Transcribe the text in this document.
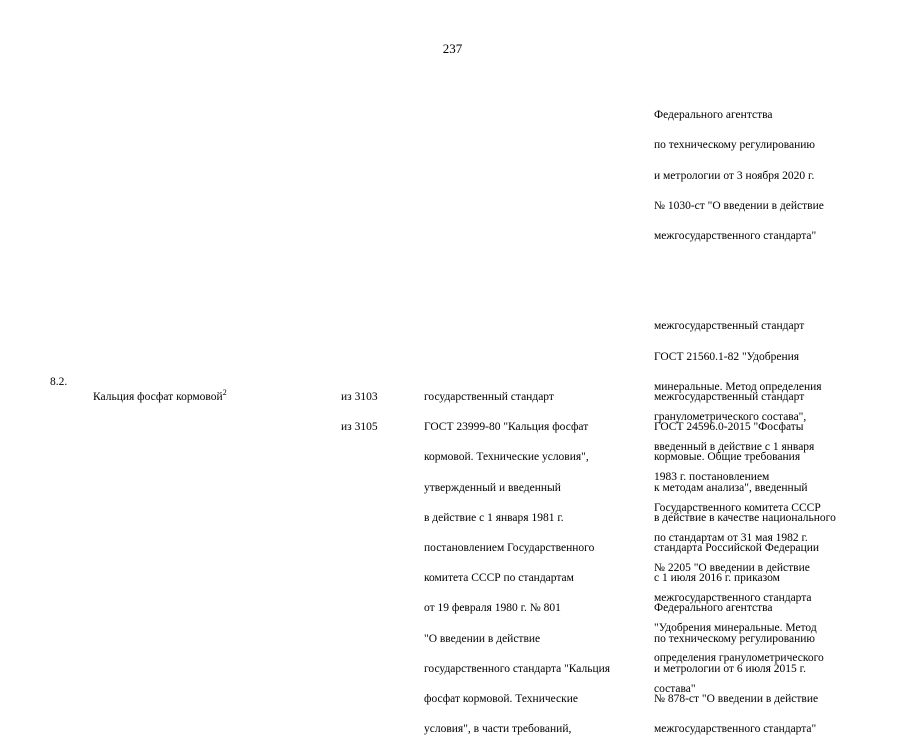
237

Федерального агентства

по техническому регулированию

и метрологии от 3 ноября 2020 г.

№ 1030-ст "О введении в действие

межгосударственного стандарта"

межгосударственный стандарт

ГОСТ 21560.1-82 "Удобрения

минеральные. Метод определения

гранулометрического состава",

введенный в действие с 1 января

1983 г. постановлением

Государственного комитета СССР

по стандартам от 31 мая 1982 г.

№ 2205 "О введении в действие

межгосударственного стандарта

"Удобрения минеральные. Метод

определения гранулометрического

состава"

8.2.

Кальция фосфат кормовой$^2$	из 3103

из 3105

государственный стандарт

ГОСТ 23999-80 "Кальция фосфат

кормовой. Технические условия",

утвержденный и введенный

в действие с 1 января 1981 г.

постановлением Государственного

комитета СССР по стандартам

от 19 февраля 1980 г. № 801

"О введении в действие

государственного стандарта "Кальция

фосфат кормовой. Технические

условия", в части требований,

межгосударственный стандарт

ГОСТ 24596.0-2015 "Фосфаты

кормовые. Общие требования

к методам анализа", введенный

в действие в качестве национального

стандарта Российской Федерации

с 1 июля 2016 г. приказом

Федерального агентства

по техническому регулированию

и метрологии от 6 июля 2015 г.

№ 878-ст "О введении в действие

межгосударственного стандарта"
